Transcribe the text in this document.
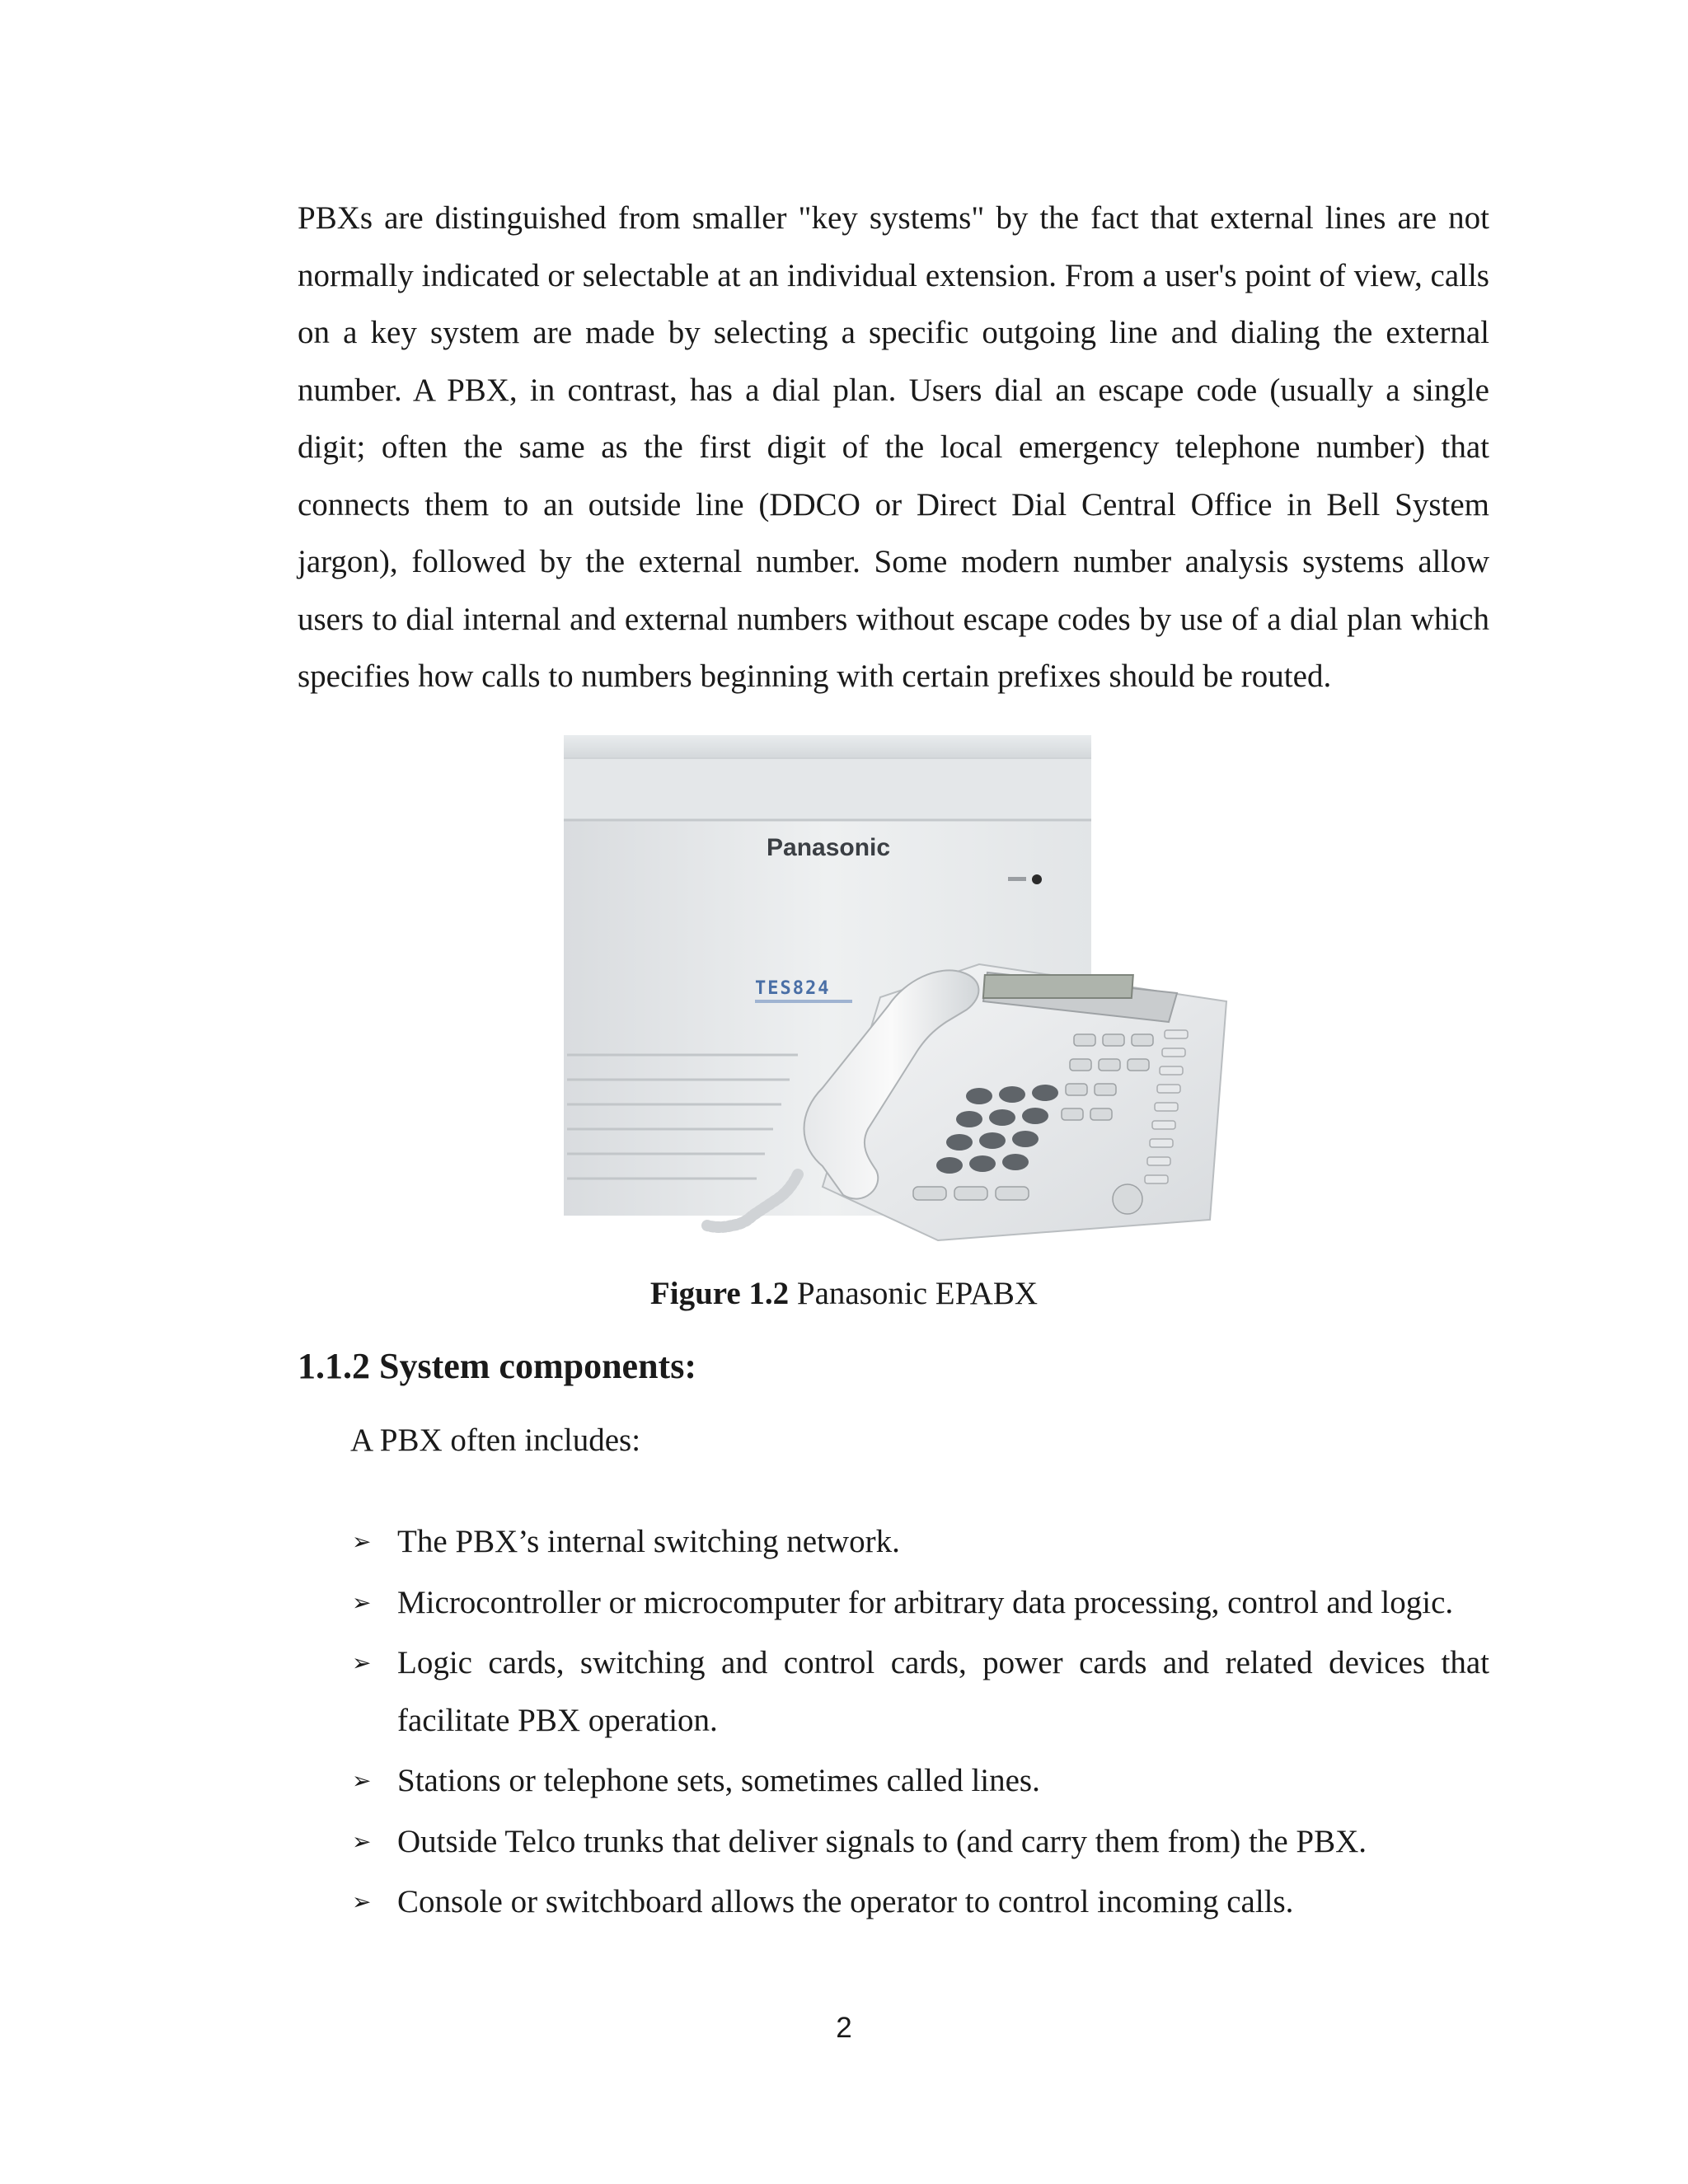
PBXs are distinguished from smaller "key systems" by the fact that external lines are not normally indicated or selectable at an individual extension. From a user's point of view, calls on a key system are made by selecting a specific outgoing line and dialing the external number. A PBX, in contrast, has a dial plan. Users dial an escape code (usually a single digit; often the same as the first digit of the local emergency telephone number) that connects them to an outside line (DDCO or Direct Dial Central Office in Bell System jargon), followed by the external number. Some modern number analysis systems allow users to dial internal and external numbers without escape codes by use of a dial plan which specifies how calls to numbers beginning with certain prefixes should be routed.

Panasonic
TES824
Figure 1.2 Panasonic EPABX
1.1.2 System components:

A PBX often includes:

➢ The PBX’s internal switching network.
➢ Microcontroller or microcomputer for arbitrary data processing, control and logic.
➢ Logic cards, switching and control cards, power cards and related devices that facilitate PBX operation.
➢ Stations or telephone sets, sometimes called lines.
➢ Outside Telco trunks that deliver signals to (and carry them from) the PBX.
➢ Console or switchboard allows the operator to control incoming calls.
2
